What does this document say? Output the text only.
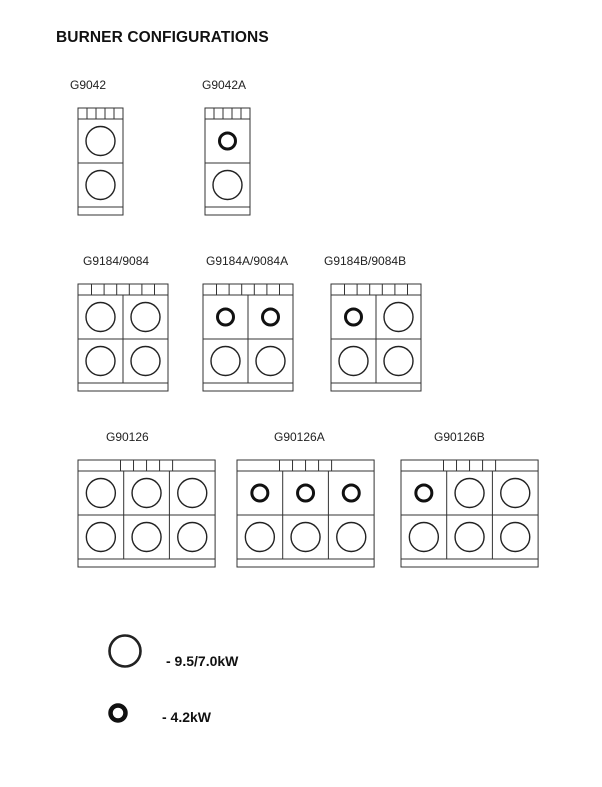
BURNER CONFIGURATIONS
G9042	G9042A
G9184/9084	G9184A/9084A	G9184B/9084B
G90126	G90126A	G90126B
- 9.5/7.0kW
- 4.2kW
